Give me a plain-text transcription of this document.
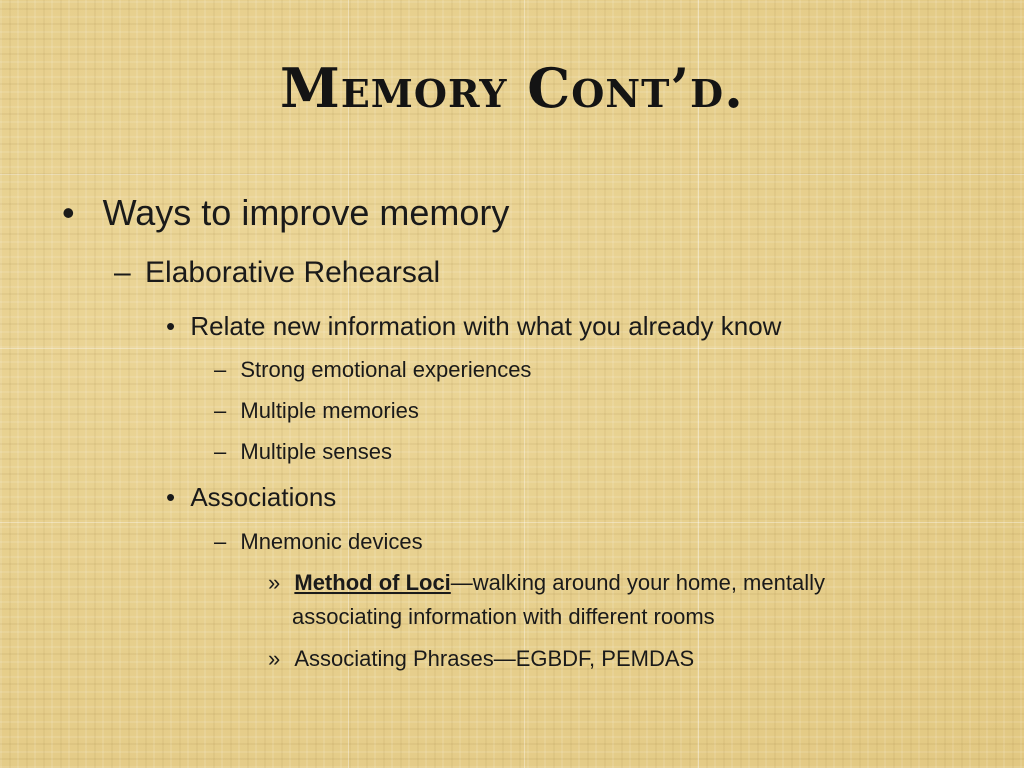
Memory Cont’d.
• Ways to improve memory
– Elaborative Rehearsal
• Relate new information with what you already know
– Strong emotional experiences
– Multiple memories
– Multiple senses
• Associations
– Mnemonic devices
» Method of Loci—walking around your home, mentally
associating information with different rooms
» Associating Phrases—EGBDF, PEMDAS
